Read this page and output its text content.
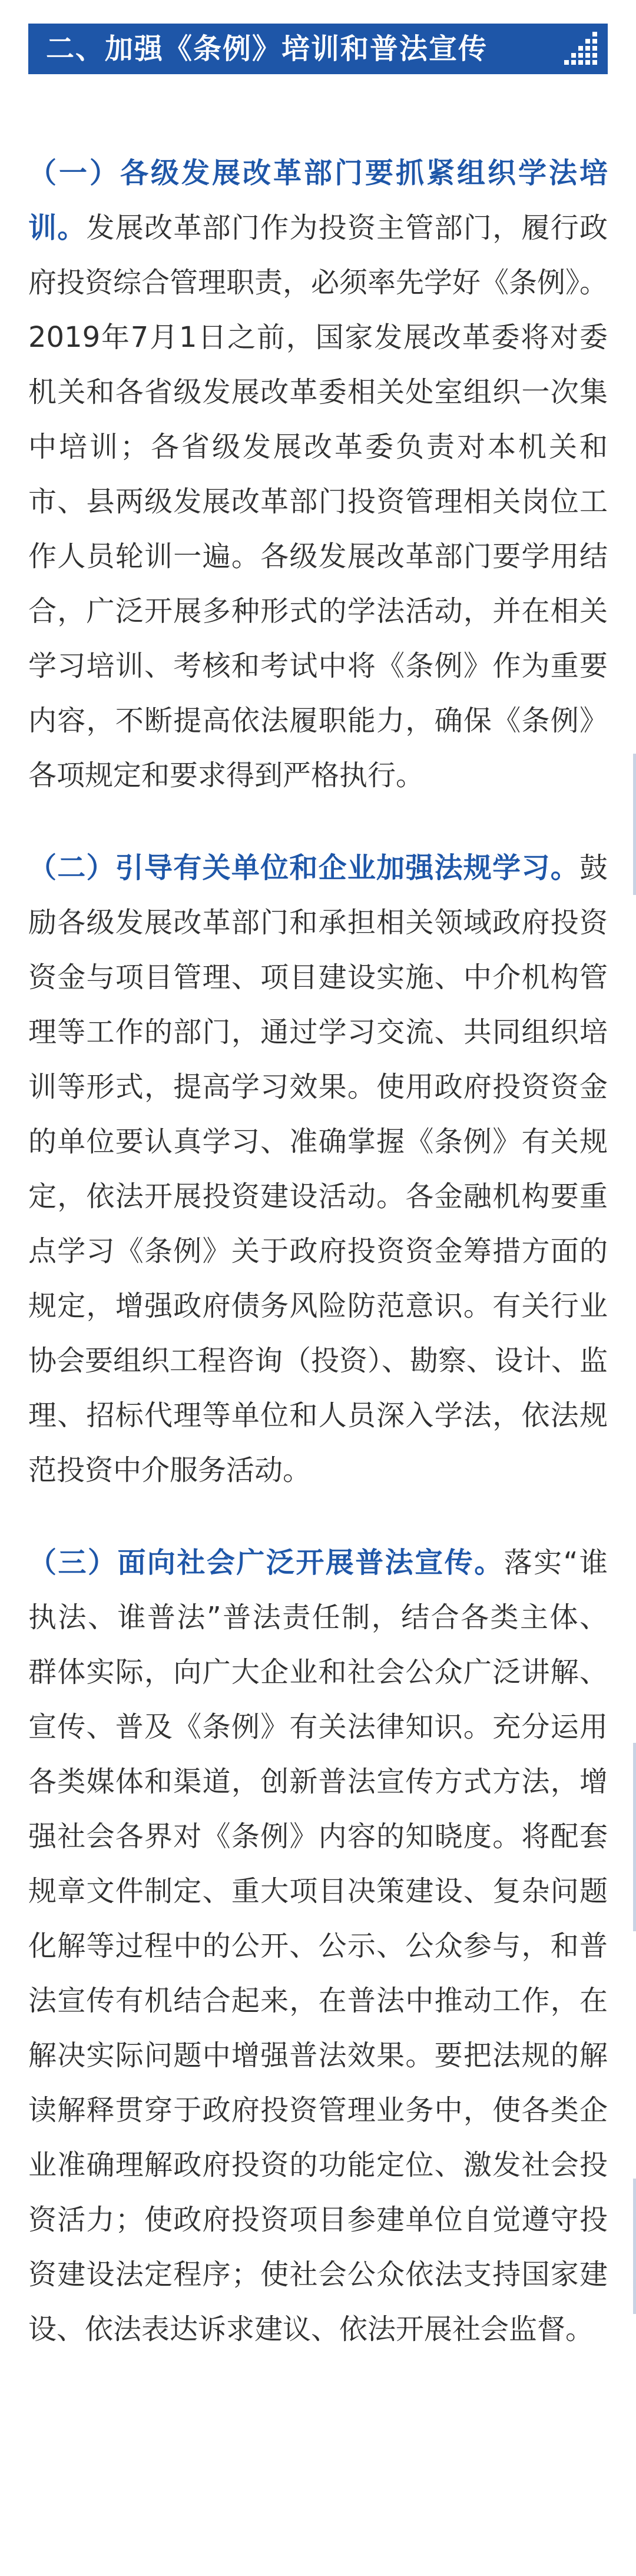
二、加强《条例》培训和普法宣传

（一）各级发展改革部门要抓紧组织学法培训。发展改革部门作为投资主管部门，履行政府投资综合管理职责，必须率先学好《条例》。2019年7月1日之前，国家发展改革委将对委机关和各省级发展改革委相关处室组织一次集中培训；各省级发展改革委负责对本机关和市、县两级发展改革部门投资管理相关岗位工作人员轮训一遍。各级发展改革部门要学用结合，广泛开展多种形式的学法活动，并在相关学习培训、考核和考试中将《条例》作为重要内容，不断提高依法履职能力，确保《条例》各项规定和要求得到严格执行。

（二）引导有关单位和企业加强法规学习。鼓励各级发展改革部门和承担相关领域政府投资资金与项目管理、项目建设实施、中介机构管理等工作的部门，通过学习交流、共同组织培训等形式，提高学习效果。使用政府投资资金的单位要认真学习、准确掌握《条例》有关规定，依法开展投资建设活动。各金融机构要重点学习《条例》关于政府投资资金筹措方面的规定，增强政府债务风险防范意识。有关行业协会要组织工程咨询（投资）、勘察、设计、监理、招标代理等单位和人员深入学法，依法规范投资中介服务活动。

（三）面向社会广泛开展普法宣传。落实“谁执法、谁普法”普法责任制，结合各类主体、群体实际，向广大企业和社会公众广泛讲解、宣传、普及《条例》有关法律知识。充分运用各类媒体和渠道，创新普法宣传方式方法，增强社会各界对《条例》内容的知晓度。将配套规章文件制定、重大项目决策建设、复杂问题化解等过程中的公开、公示、公众参与，和普法宣传有机结合起来，在普法中推动工作，在解决实际问题中增强普法效果。要把法规的解读解释贯穿于政府投资管理业务中，使各类企业准确理解政府投资的功能定位、激发社会投资活力；使政府投资项目参建单位自觉遵守投资建设法定程序；使社会公众依法支持国家建设、依法表达诉求建议、依法开展社会监督。
